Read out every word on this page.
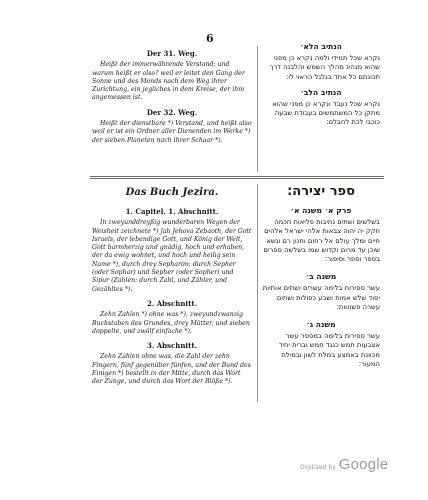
6
Der 31. Weg.
Heißt der immerwährende Verstand; und warum heißt er also? weil er leitet den Gang der Sonne und des Monds nach dem Weg ihrer Zurichtung, ein jegliches in dem Kreise, der ihm angemessen ist.
Der 32. Weg.
Heißt der dienstbare *) Verstand, und heißt also weil er ist ein Ordner aller Dienenden im Werke *) der sieben Planeten nach ihrer Schaar *).
הנתיב הלא׳
נקרא שכל תמידי ולמה נקרא כן מפני שהוא מנהיג מהלך השמש והלבנה דרך תכונתם כל אחד בגלגל הראוי לו:
הנתיב הלב׳
נקרא שכל נעבד ונקרא כן מפני שהוא מתקן כל המשתמשים בעבודת שבעה כוכבי לכת לחבלם:
Das Buch Jezira.	ספר יצירה:
1. Capitel. 1. Abschnitt.
In zweyunddreyßig wunderbaren Wegen der Weisheit zeichnete *) Jah Jehova Zebaoth, der Gott Israels, der lebendige Gott, und König der Welt, Gott barmherzig und gnädig, hoch und erhaben, der da ewig wohnet, und hoch und heilig sein Name *), durch drey Sepharim: durch Sepher (oder Sophar) und Sepher (oder Sopher) und Sipur (Zahlen: durch Zahl, und Zähler, und Gezähltes *).
2. Abschnitt.
Zehn Zahlen *) ohne was *), zweyundzwanzig Buchstaben des Grundes, drey Mütter, und sieben doppelte, und zwölf einfache *).
3. Abschnitt.
Zehn Zahlen ohne was, die Zahl der zehn Fingern, fünf gegenüber fünfen, und der Bund des Einigen *) bestellt in der Mitte, durch das Wort der Zunge, und durch das Wort der Blöße *).
פרק א׳ משנה א׳
בשלשים ושתים נתיבות פליאות חכמה חקק יה יהוה צבאות אלהי ישראל אלהים חיים ומלך עולם אל רחום וחנון רם ונשא שוכן עד מרום וקדוש שמו בשלשה ספרים בספר וספר וסיפור:
משנה ב׳
עשר ספירות בלימה עשרים ושתים אותיות יסוד שלש אמות ושבע כפולות ושתים עשרה פשוטות:
משנה ג׳
עשר ספירות בלימה במספר עשר אצבעות חמש כנגד חמש וברית יחיד מכוונת באמצע במלת לשון ובמילת המעור:
Digitized by Google
